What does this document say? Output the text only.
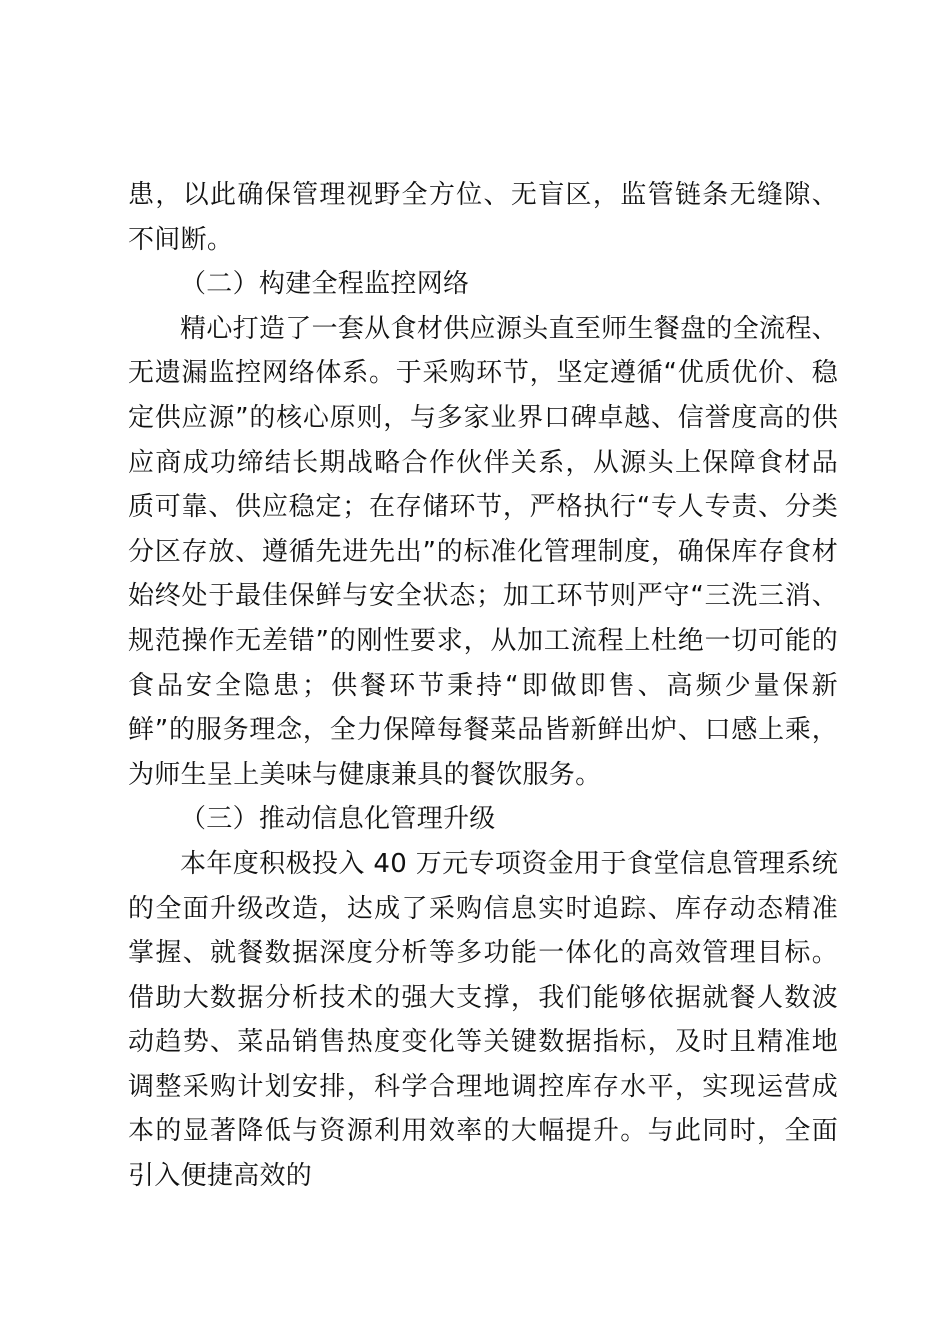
患，以此确保管理视野全方位、无盲区，监管链条无缝隙、不间断。

（二）构建全程监控网络

精心打造了一套从食材供应源头直至师生餐盘的全流程、无遗漏监控网络体系。于采购环节，坚定遵循“优质优价、稳定供应源”的核心原则，与多家业界口碑卓越、信誉度高的供应商成功缔结长期战略合作伙伴关系，从源头上保障食材品质可靠、供应稳定；在存储环节，严格执行“专人专责、分类分区存放、遵循先进先出”的标准化管理制度，确保库存食材始终处于最佳保鲜与安全状态；加工环节则严守“三洗三消、规范操作无差错”的刚性要求，从加工流程上杜绝一切可能的食品安全隐患；供餐环节秉持“即做即售、高频少量保新鲜”的服务理念，全力保障每餐菜品皆新鲜出炉、口感上乘，为师生呈上美味与健康兼具的餐饮服务。

（三）推动信息化管理升级

本年度积极投入 40 万元专项资金用于食堂信息管理系统的全面升级改造，达成了采购信息实时追踪、库存动态精准掌握、就餐数据深度分析等多功能一体化的高效管理目标。借助大数据分析技术的强大支撑，我们能够依据就餐人数波动趋势、菜品销售热度变化等关键数据指标，及时且精准地调整采购计划安排，科学合理地调控库存水平，实现运营成本的显著降低与资源利用效率的大幅提升。与此同时，全面引入便捷高效的
